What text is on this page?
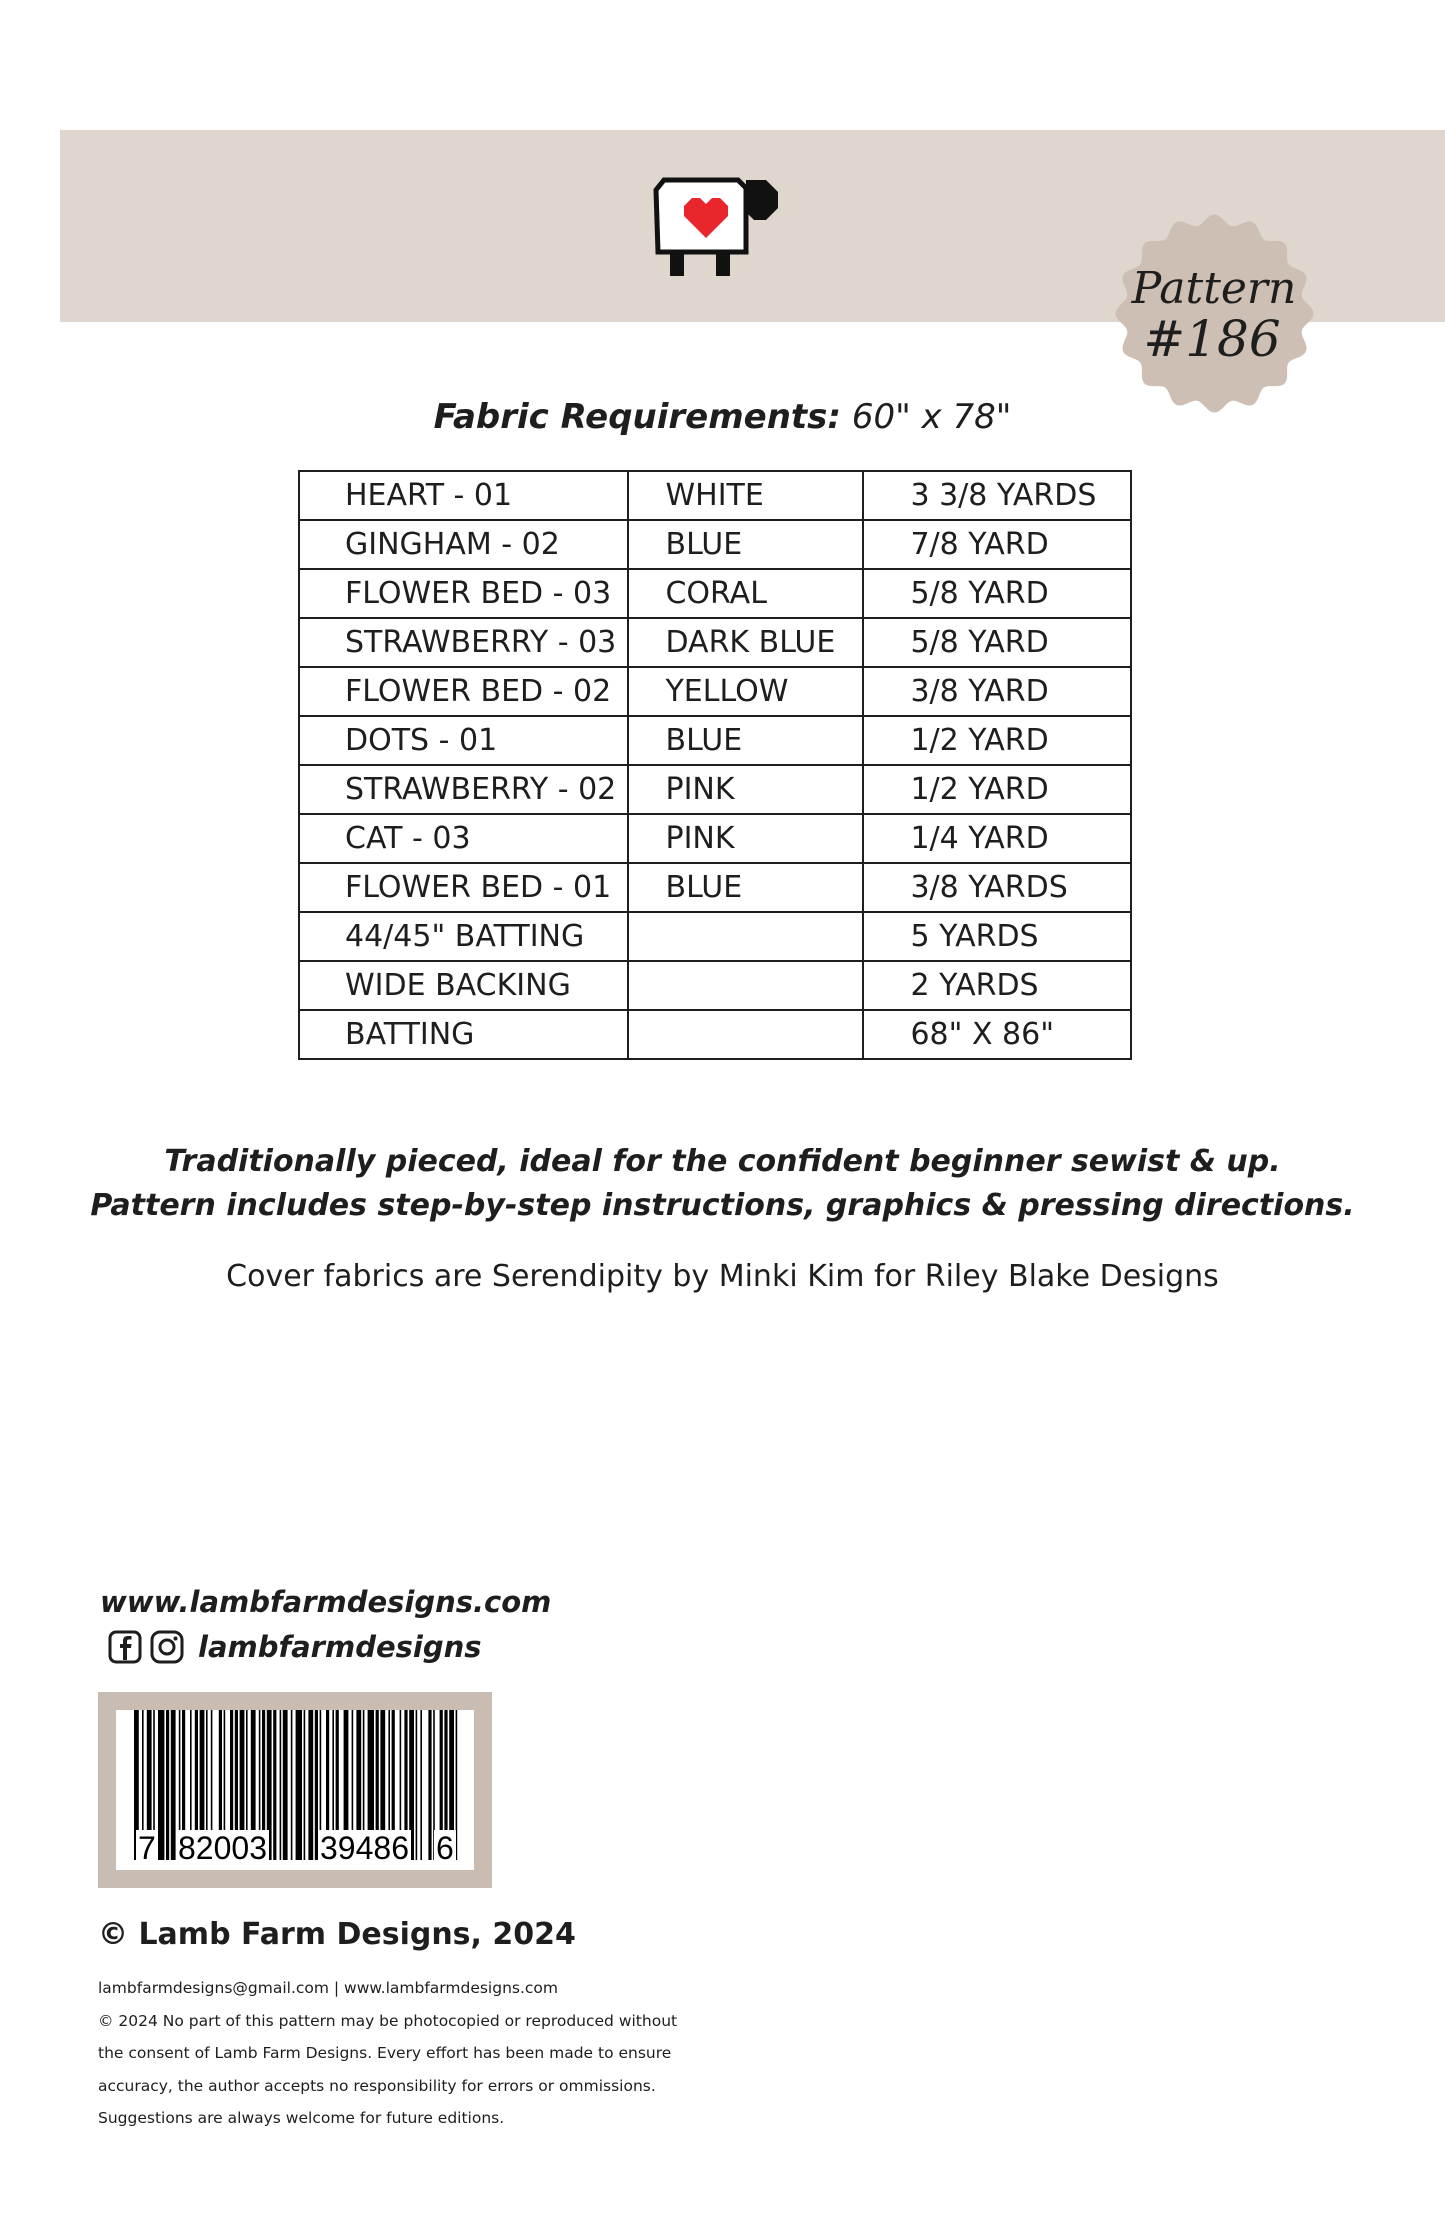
Pattern
#186
Fabric Requirements: 60" x 78"
HEART - 01	WHITE	3 3/8 YARDS
GINGHAM - 02	BLUE	7/8 YARD
FLOWER BED - 03	CORAL	5/8 YARD
STRAWBERRY - 03	DARK BLUE	5/8 YARD
FLOWER BED - 02	YELLOW	3/8 YARD
DOTS - 01	BLUE	1/2 YARD
STRAWBERRY - 02	PINK	1/2 YARD
CAT - 03	PINK	1/4 YARD
FLOWER BED - 01	BLUE	3/8 YARDS
44/45" BATTING		5 YARDS
WIDE BACKING		2 YARDS
BATTING		68" X 86"
Traditionally pieced, ideal for the confident beginner sewist & up.
Pattern includes step-by-step instructions, graphics & pressing directions.
Cover fabrics are Serendipity by Minki Kim for Riley Blake Designs
www.lambfarmdesigns.com
lambfarmdesigns
7 82003 39486 6
© Lamb Farm Designs, 2024
lambfarmdesigns@gmail.com | www.lambfarmdesigns.com
© 2024 No part of this pattern may be photocopied or reproduced without
the consent of Lamb Farm Designs. Every effort has been made to ensure
accuracy, the author accepts no responsibility for errors or ommissions.
Suggestions are always welcome for future editions.
